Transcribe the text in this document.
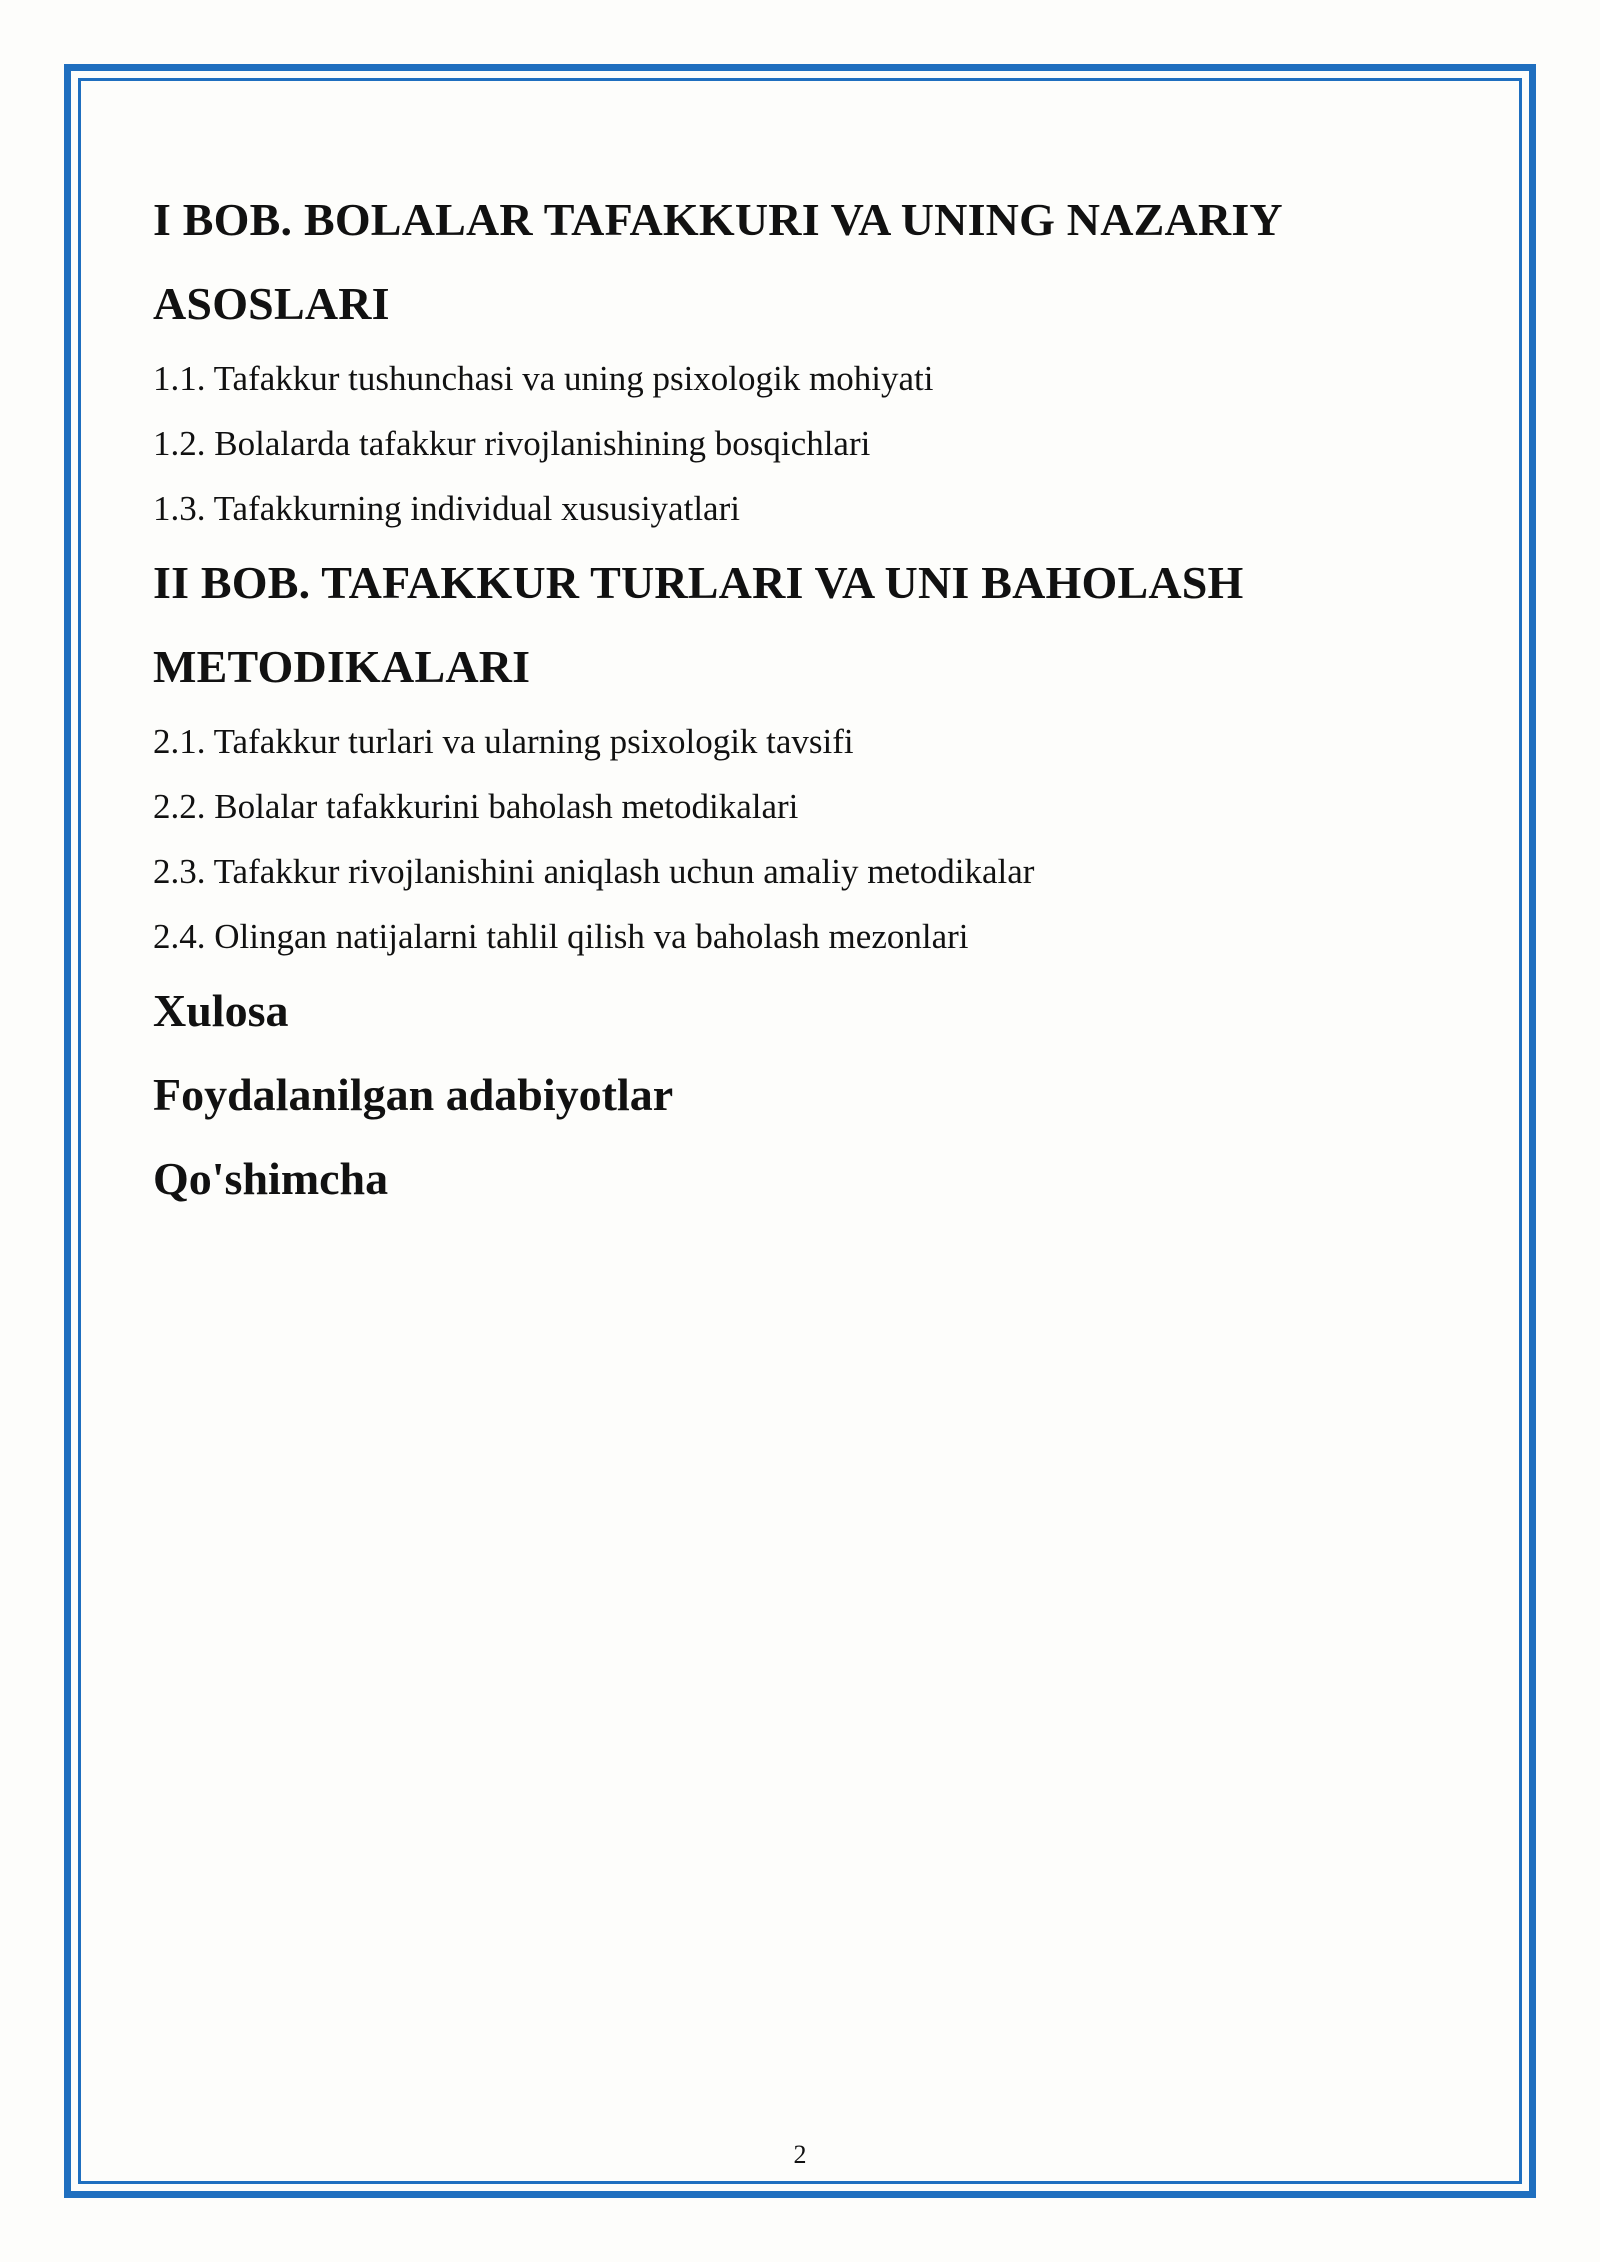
I BOB. BOLALAR TAFAKKURI VA UNING NAZARIY

ASOSLARI

1.1. Tafakkur tushunchasi va uning psixologik mohiyati

1.2. Bolalarda tafakkur rivojlanishining bosqichlari

1.3. Tafakkurning individual xususiyatlari

II BOB. TAFAKKUR TURLARI VA UNI BAHOLASH

METODIKALARI

2.1. Tafakkur turlari va ularning psixologik tavsifi

2.2. Bolalar tafakkurini baholash metodikalari

2.3. Tafakkur rivojlanishini aniqlash uchun amaliy metodikalar

2.4. Olingan natijalarni tahlil qilish va baholash mezonlari

Xulosa

Foydalanilgan adabiyotlar

Qo'shimcha

2
